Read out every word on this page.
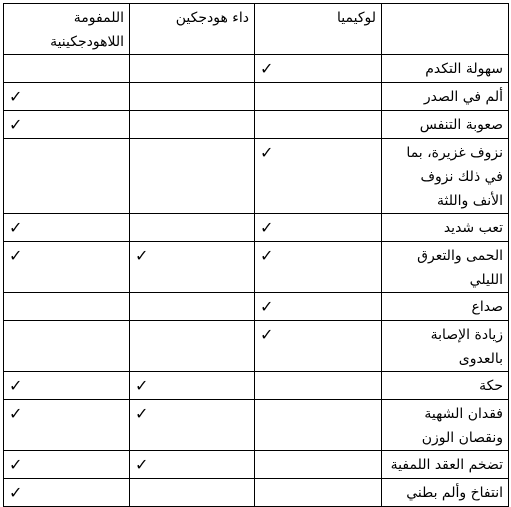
	لوكيميا	داء هودجكين	اللمفومة اللاهودجكينية
سهولة التكدم	✓		
ألم في الصدر			✓
صعوبة التنفس			✓
نزوف غزيرة، بما في ذلك نزوف الأنف واللثة	✓		
تعب شديد	✓		✓
الحمى والتعرق الليلي	✓	✓	✓
صداع	✓		
زيادة الإصابة بالعدوى	✓		
حكة		✓	✓
فقدان الشهية ونقصان الوزن		✓	✓
تضخم العقد اللمفية		✓	✓
انتفاخ وألم بطني			✓
